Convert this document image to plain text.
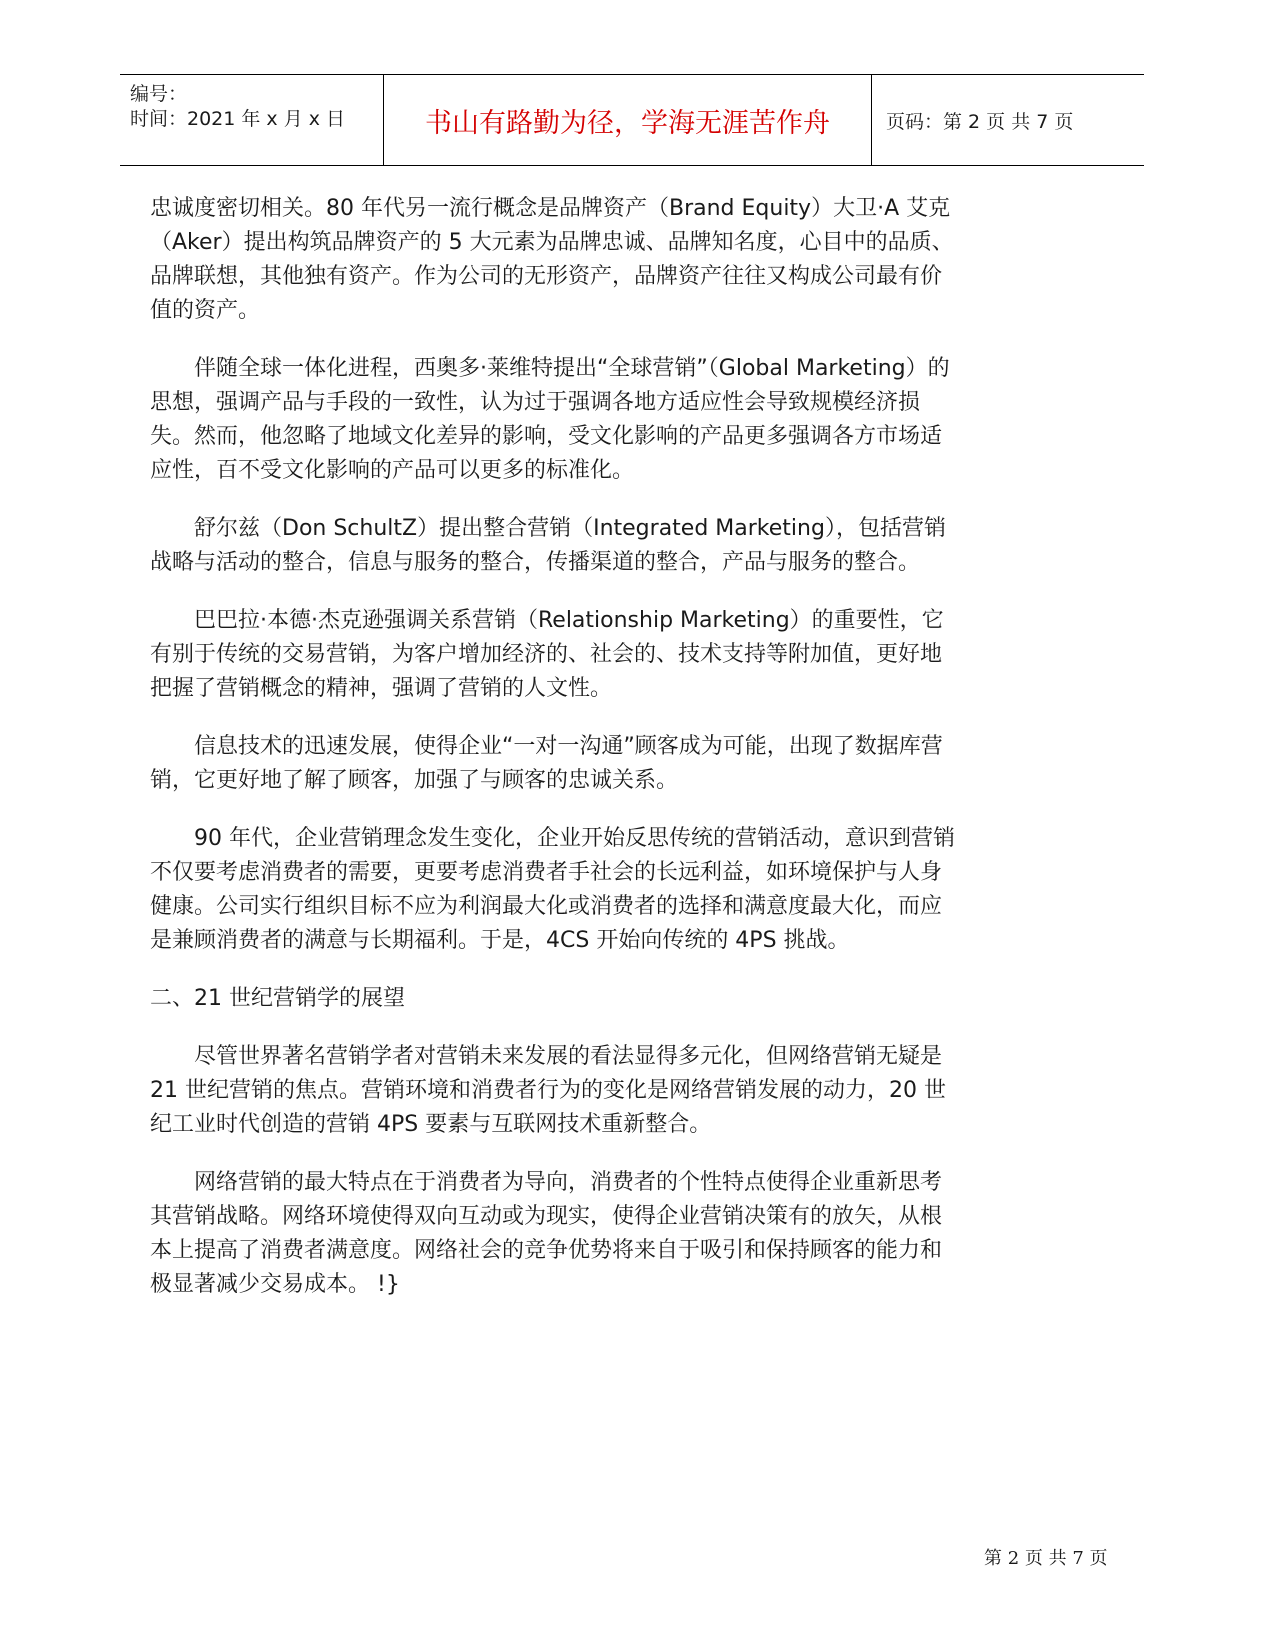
编号：
时间：2021 年 x 月 x 日	书山有路勤为径，学海无涯苦作舟	页码：第 2 页 共 7 页

忠诚度密切相关。80 年代另一流行概念是品牌资产（Brand Equity）大卫·A 艾克（Aker）提出构筑品牌资产的 5 大元素为品牌忠诚、品牌知名度，心目中的品质、品牌联想，其他独有资产。作为公司的无形资产，品牌资产往往又构成公司最有价值的资产。

伴随全球一体化进程，西奥多·莱维特提出“全球营销”（Global Marketing）的思想，强调产品与手段的一致性，认为过于强调各地方适应性会导致规模经济损失。然而，他忽略了地域文化差异的影响，受文化影响的产品更多强调各方市场适应性，百不受文化影响的产品可以更多的标准化。

舒尔兹（Don SchultZ）提出整合营销（Integrated Marketing），包括营销战略与活动的整合，信息与服务的整合，传播渠道的整合，产品与服务的整合。

巴巴拉·本德·杰克逊强调关系营销（Relationship Marketing）的重要性，它有别于传统的交易营销，为客户增加经济的、社会的、技术支持等附加值，更好地把握了营销概念的精神，强调了营销的人文性。

信息技术的迅速发展，使得企业“一对一沟通”顾客成为可能，出现了数据库营销，它更好地了解了顾客，加强了与顾客的忠诚关系。

90 年代，企业营销理念发生变化，企业开始反思传统的营销活动，意识到营销不仅要考虑消费者的需要，更要考虑消费者手社会的长远利益，如环境保护与人身健康。公司实行组织目标不应为利润最大化或消费者的选择和满意度最大化，而应是兼顾消费者的满意与长期福利。于是，4CS 开始向传统的 4PS 挑战。

二、21 世纪营销学的展望

尽管世界著名营销学者对营销未来发展的看法显得多元化，但网络营销无疑是 21 世纪营销的焦点。营销环境和消费者行为的变化是网络营销发展的动力，20 世纪工业时代创造的营销 4PS 要素与互联网技术重新整合。

网络营销的最大特点在于消费者为导向，消费者的个性特点使得企业重新思考其营销战略。网络环境使得双向互动或为现实，使得企业营销决策有的放矢，从根本上提高了消费者满意度。网络社会的竞争优势将来自于吸引和保持顾客的能力和极显著减少交易成本。 !}

第 2 页 共 7 页
